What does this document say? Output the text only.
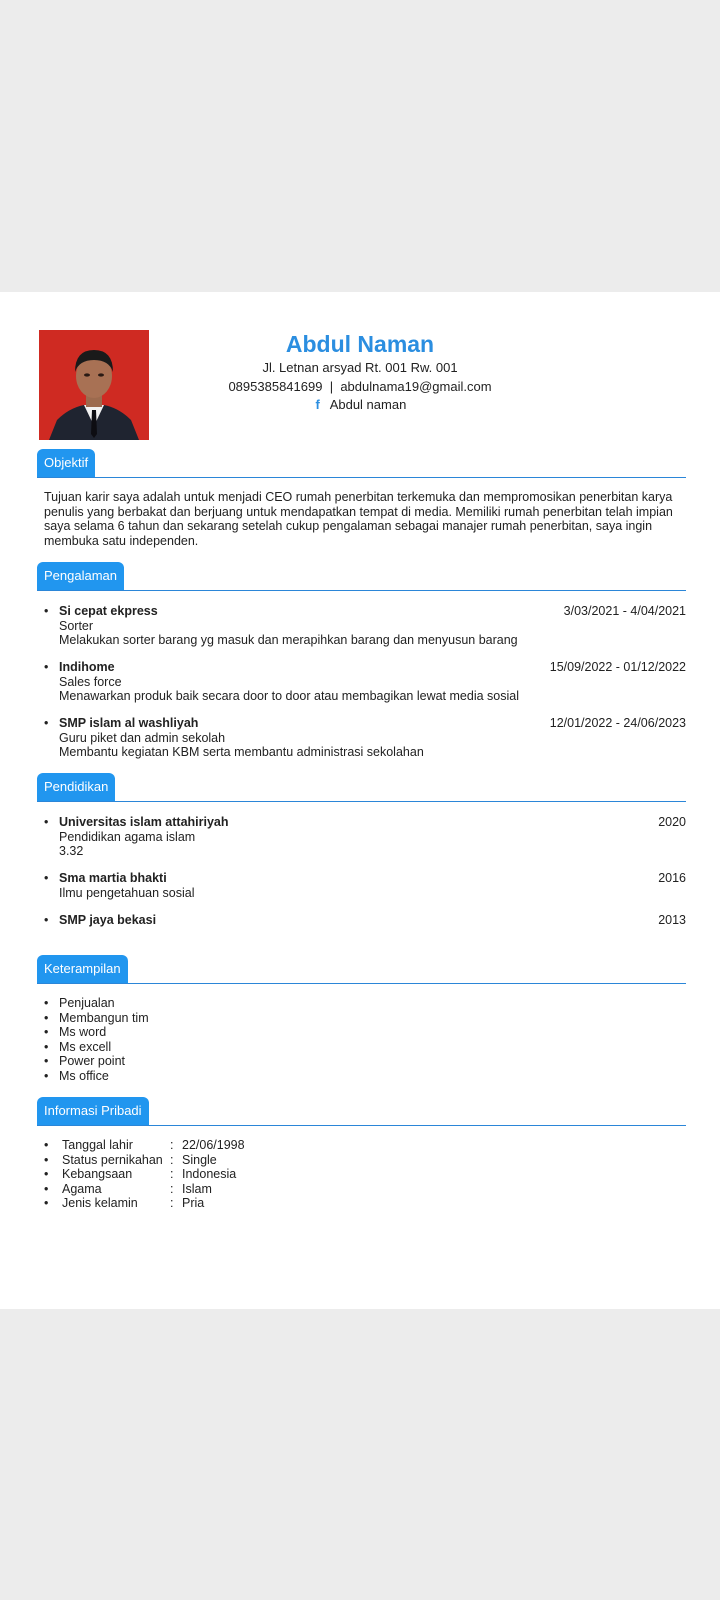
Abdul Naman
Jl. Letnan arsyad Rt. 001 Rw. 001
0895385841699 | abdulnama19@gmail.com
f Abdul naman
Objektif
Tujuan karir saya adalah untuk menjadi CEO rumah penerbitan terkemuka dan mempromosikan penerbitan karya penulis yang berbakat dan berjuang untuk mendapatkan tempat di media. Memiliki rumah penerbitan telah impian saya selama 6 tahun dan sekarang setelah cukup pengalaman sebagai manajer rumah penerbitan, saya ingin membuka satu independen.
Pengalaman
• Si cepat ekpress
Sorter
Melakukan sorter barang yg masuk dan merapihkan barang dan menyusun barang
3/03/2021 - 4/04/2021
• Indihome
Sales force
Menawarkan produk baik secara door to door atau membagikan lewat media sosial
15/09/2022 - 01/12/2022
• SMP islam al washliyah
Guru piket dan admin sekolah
Membantu kegiatan KBM serta membantu administrasi sekolahan
12/01/2022 - 24/06/2023
Pendidikan
• Universitas islam attahiriyah
Pendidikan agama islam
3.32
2020
• Sma martia bhakti
Ilmu pengetahuan sosial
2016
• SMP jaya bekasi	2013
Keterampilan
• Penjualan
• Membangun tim
• Ms word
• Ms excell
• Power point
• Ms office
Informasi Pribadi
• Tanggal lahir	: 22/06/1998
• Status pernikahan : Single
• Kebangsaan	: Indonesia
• Agama	: Islam
• Jenis kelamin	: Pria
